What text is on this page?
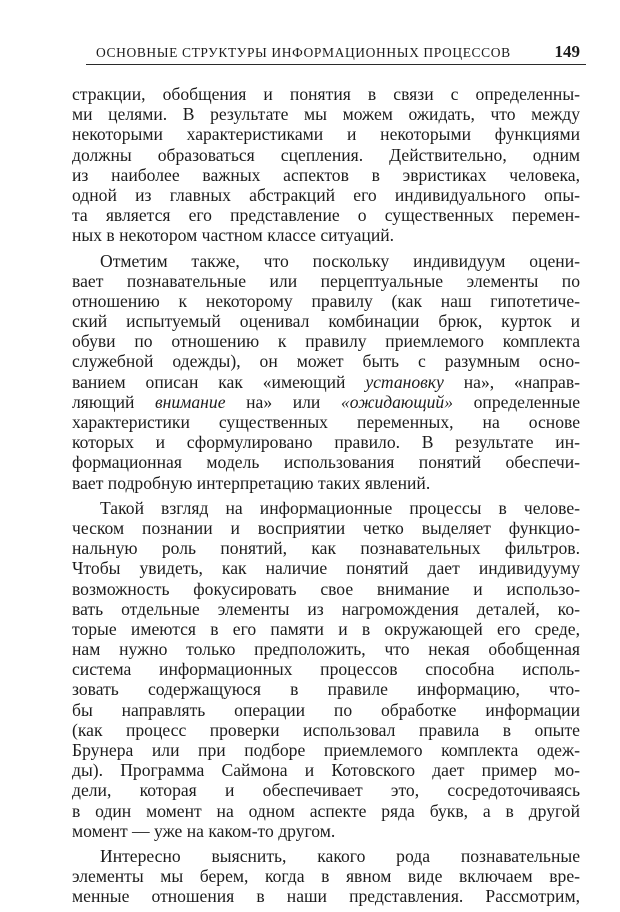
ОСНОВНЫЕ СТРУКТУРЫ ИНФОРМАЦИОННЫХ ПРОЦЕССОВ	149
стракции, обобщения и понятия в связи с определенны-
ми целями. В результате мы можем ожидать, что между
некоторыми характеристиками и некоторыми функциями
должны образоваться сцепления. Действительно, одним
из наиболее важных аспектов в эвристиках человека,
одной из главных абстракций его индивидуального опы-
та является его представление о существенных перемен-
ных в некотором частном классе ситуаций.
Отметим также, что поскольку индивидуум оцени-
вает познавательные или перцептуальные элементы по
отношению к некоторому правилу (как наш гипотетиче-
ский испытуемый оценивал комбинации брюк, курток и
обуви по отношению к правилу приемлемого комплекта
служебной одежды), он может быть с разумным осно-
ванием описан как «имеющий установку на», «направ-
ляющий внимание на» или «ожидающий» определенные
характеристики существенных переменных, на основе
которых и сформулировано правило. В результате ин-
формационная модель использования понятий обеспечи-
вает подробную интерпретацию таких явлений.
Такой взгляд на информационные процессы в челове-
ческом познании и восприятии четко выделяет функцио-
нальную роль понятий, как познавательных фильтров.
Чтобы увидеть, как наличие понятий дает индивидууму
возможность фокусировать свое внимание и использо-
вать отдельные элементы из нагромождения деталей, ко-
торые имеются в его памяти и в окружающей его среде,
нам нужно только предположить, что некая обобщенная
система информационных процессов способна исполь-
зовать содержащуюся в правиле информацию, что-
бы направлять операции по обработке информации
(как процесс проверки использовал правила в опыте
Брунера или при подборе приемлемого комплекта одеж-
ды). Программа Саймона и Котовского дает пример мо-
дели, которая и обеспечивает это, сосредоточиваясь
в один момент на одном аспекте ряда букв, а в другой
момент — уже на каком-то другом.
Интересно выяснить, какого рода познавательные
элементы мы берем, когда в явном виде включаем вре-
менные отношения в наши представления. Рассмотрим,
